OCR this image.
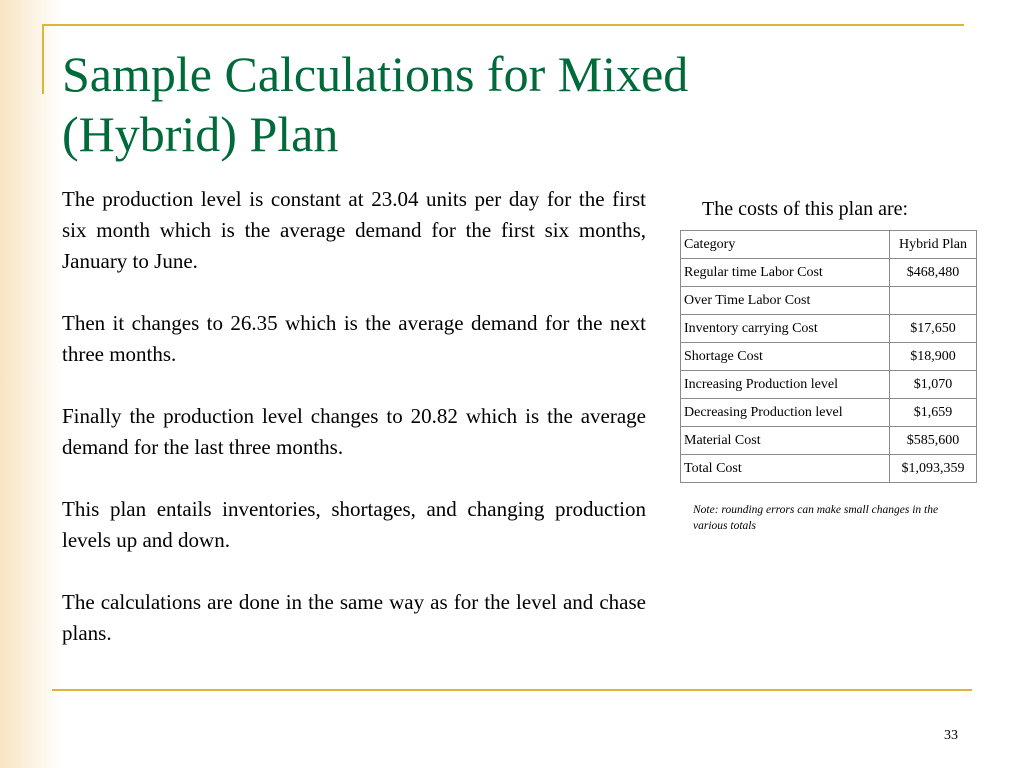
Sample Calculations for Mixed (Hybrid) Plan

The production level is constant at 23.04 units per day for the first six month which is the average demand for the first six months, January to June.

Then it changes to 26.35 which is the average demand for the next three months.

Finally the production level changes to 20.82 which is the average demand for the last three months.

This plan entails inventories, shortages, and changing production levels up and down.

The calculations are done in the same way as for the level and chase plans.

The costs of this plan are:
Category	Hybrid Plan
Regular time Labor Cost	$468,480
Over Time Labor Cost	
Inventory carrying Cost	$17,650
Shortage Cost	$18,900
Increasing Production level	$1,070
Decreasing Production level	$1,659
Material Cost	$585,600
Total Cost	$1,093,359
Note: rounding errors can make small changes in the various totals
33
